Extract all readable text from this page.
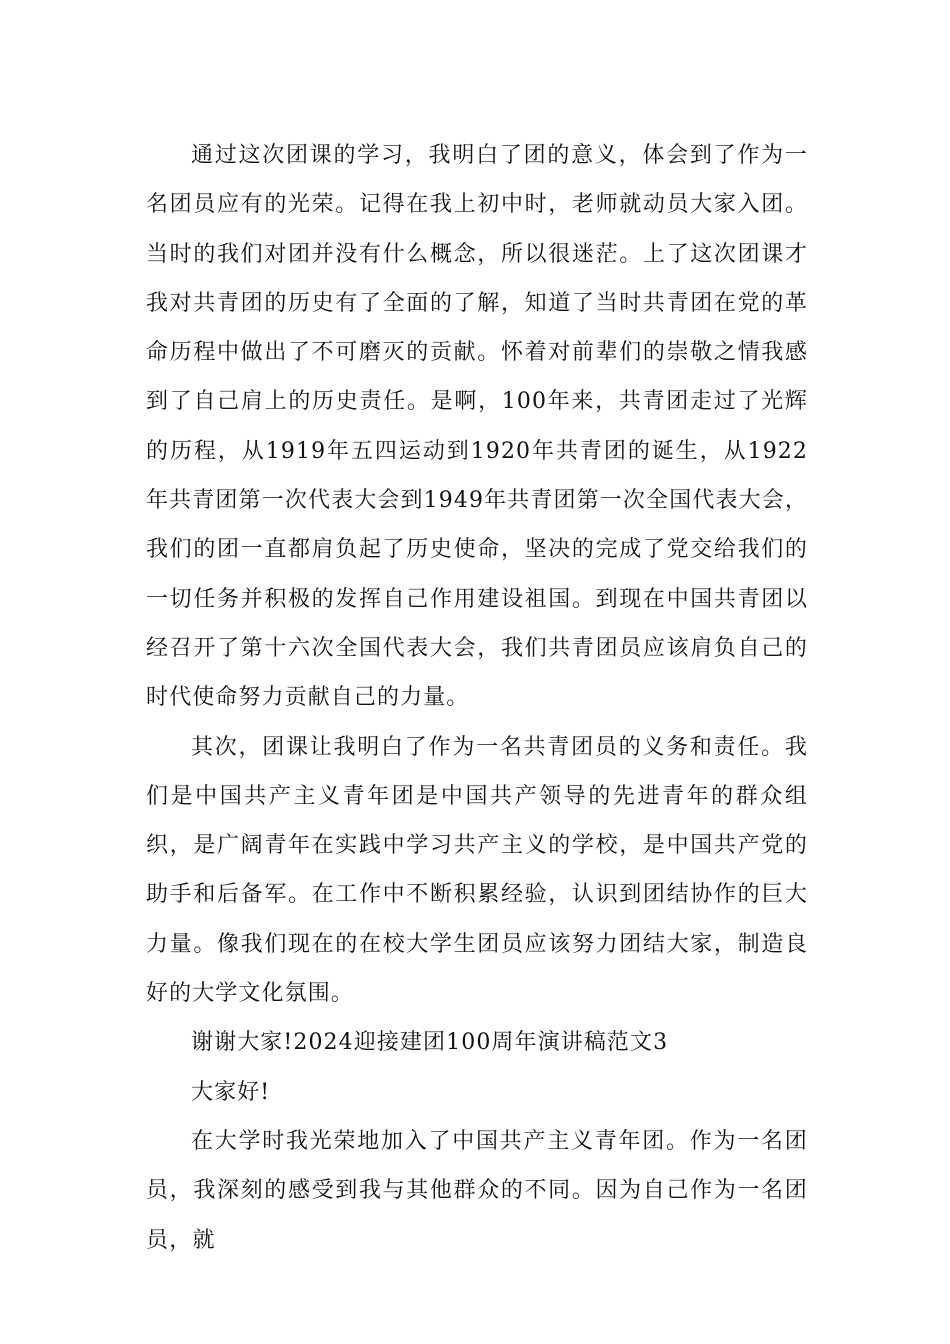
通过这次团课的学习，我明白了团的意义，体会到了作为一名团员应有的光荣。记得在我上初中时，老师就动员大家入团。当时的我们对团并没有什么概念，所以很迷茫。上了这次团课才我对共青团的历史有了全面的了解，知道了当时共青团在党的革命历程中做出了不可磨灭的贡献。怀着对前辈们的崇敬之情我感到了自己肩上的历史责任。是啊，100年来，共青团走过了光辉的历程，从1919年五四运动到1920年共青团的诞生，从1922年共青团第一次代表大会到1949年共青团第一次全国代表大会，我们的团一直都肩负起了历史使命，坚决的完成了党交给我们的一切任务并积极的发挥自己作用建设祖国。到现在中国共青团以经召开了第十六次全国代表大会，我们共青团员应该肩负自己的时代使命努力贡献自己的力量。

其次，团课让我明白了作为一名共青团员的义务和责任。我们是中国共产主义青年团是中国共产领导的先进青年的群众组织，是广阔青年在实践中学习共产主义的学校，是中国共产党的助手和后备军。在工作中不断积累经验，认识到团结协作的巨大力量。像我们现在的在校大学生团员应该努力团结大家，制造良好的大学文化氛围。

谢谢大家!2024迎接建团100周年演讲稿范文3

大家好!

在大学时我光荣地加入了中国共产主义青年团。作为一名团员，我深刻的感受到我与其他群众的不同。因为自己作为一名团员，就
